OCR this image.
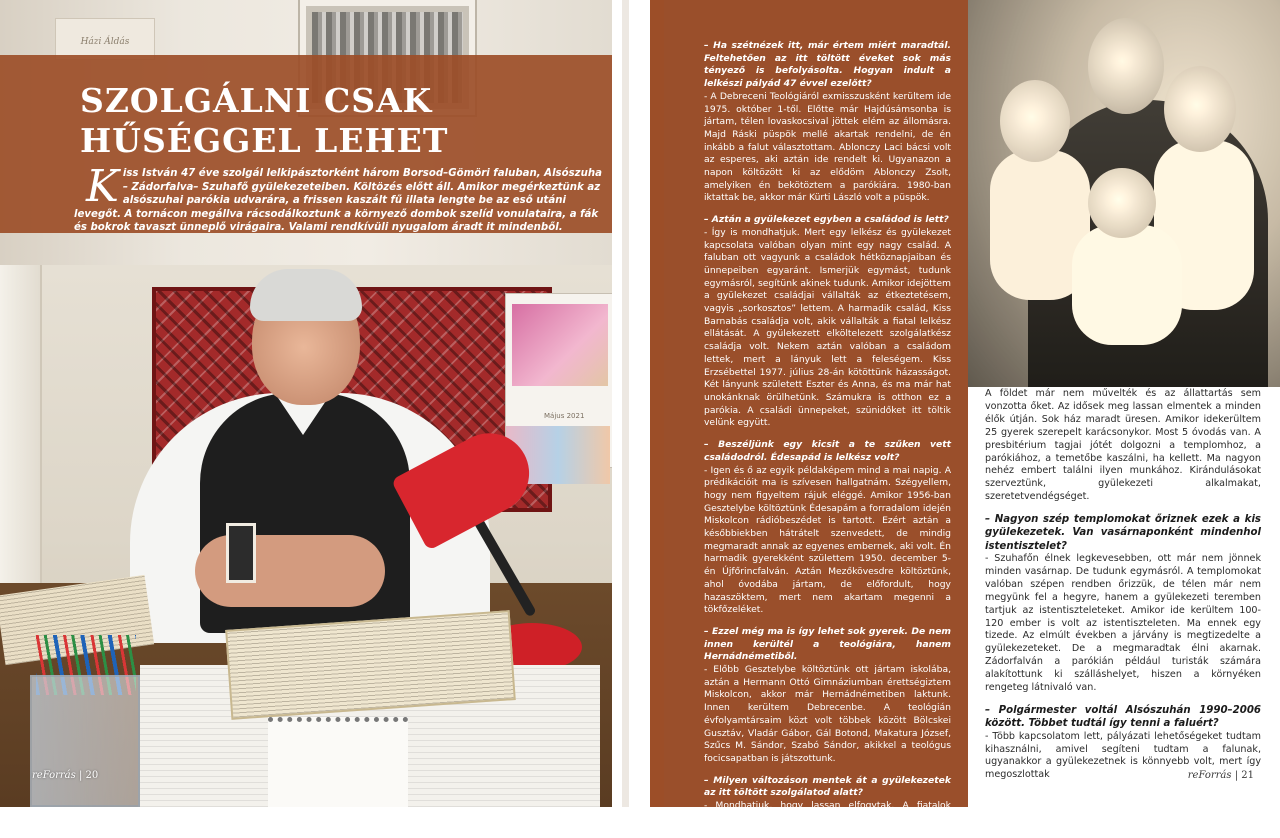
Házi Áldás
Május 2021
SZOLGÁLNI CSAK
HŰSÉGGEL LEHET

Kiss István 47 éve szolgál lelkipásztorként három Borsod–Gömöri faluban, Alsószuha – Zádorfalva– Szuhafő gyülekezeteiben. Költözés előtt áll. Amikor megérkeztünk az alsószuhai parókia udvarára, a frissen kaszált fű illata lengte be az eső utáni levegőt. A tornácon megállva rácsodálkoztunk a környező dombok szelíd vonulataira, a fák és bokrok tavaszt ünneplő virágaira. Valami rendkívüli nyugalom áradt it mindenből.

reForrás | 20

– Ha szétnézek itt, már értem miért maradtál. Feltehetően az itt töltött éveket sok más tényező is befolyásolta. Hogyan indult a lelkészi pályád 47 évvel ezelőtt?

- A Debreceni Teológiáról exmisszusként kerültem ide 1975. október 1-től. Előtte már Hajdúsámsonba is jártam, télen lovaskocsival jöttek elém az állomásra. Majd Ráski püspök mellé akartak rendelni, de én inkább a falut választottam. Ablonczy Laci bácsi volt az esperes, aki aztán ide rendelt ki. Ugyanazon a napon költözött ki az elődöm Ablonczy Zsolt, amelyiken én bekötöztem a parókiára. 1980-ban iktattak be, akkor már Kürti László volt a püspök.

– Aztán a gyülekezet egyben a családod is lett?

- Így is mondhatjuk. Mert egy lelkész és gyülekezet kapcsolata valóban olyan mint egy nagy család. A faluban ott vagyunk a családok hétköznapjaiban és ünnepeiben egyaránt. Ismerjük egymást, tudunk egymásról, segítünk akinek tudunk. Amikor idejöttem a gyülekezet családjai vállalták az étkeztetésem, vagyis „sorkosztos” lettem. A harmadik család, Kiss Barnabás családja volt, akik vállalták a fiatal lelkész ellátását. A gyülekezett elköltelezett szolgálatkész családja volt. Nekem aztán valóban a családom lettek, mert a lányuk lett a feleségem. Kiss Erzsébettel 1977. július 28-án kötöttünk házasságot. Két lányunk született Eszter és Anna, és ma már hat unokánknak örülhetünk. Számukra is otthon ez a parókia. A családi ünnepeket, szünidőket itt töltik velünk együtt.

– Beszéljünk egy kicsit a te szűken vett családodról. Édesapád is lelkész volt?

- Igen és ő az egyik példaképem mind a mai napig. A prédikációit ma is szívesen hallgatnám. Szégyellem, hogy nem figyeltem rájuk eléggé. Amikor 1956-ban Gesztelybe költöztünk Édesapám a forradalom idején Miskolcon rádióbeszédet is tartott. Ezért aztán a későbbiekben hátrátelt szenvedett, de mindig megmaradt annak az egyenes embernek, aki volt. Én harmadik gyerekként születtem 1950. december 5-én Újfőrincfalván. Aztán Mezőkövesdre költöztünk, ahol óvodába jártam, de előfordult, hogy hazaszöktem, mert nem akartam megenni a tökfőzeléket.

– Ezzel még ma is így lehet sok gyerek. De nem innen kerültél a teológiára, hanem Hernádnémetiből.

- Előbb Gesztelybe költöztünk ott jártam iskolába, aztán a Hermann Ottó Gimnáziumban érettségiztem Miskolcon, akkor már Hernádnémetiben laktunk. Innen kerültem Debrecenbe. A teológián évfolyamtársaim közt volt többek között Bölcskei Gusztáv, Vladár Gábor, Gál Botond, Makatura József, Szűcs M. Sándor, Szabó Sándor, akikkel a teológus focicsapatban is játszottunk.

– Milyen változáson mentek át a gyülekezetek az itt töltött szolgálatod alatt?

- Mondhatjuk, hogy lassan elfogytak. A fiatalok elköltöztek, miután megszűntek a munkalehetőségek a bányában.

A földet már nem művelték és az állattartás sem vonzotta őket. Az idősek meg lassan elmentek a minden élők útján. Sok ház maradt üresen. Amikor idekerültem 25 gyerek szerepelt karácsonykor. Most 5 óvodás van. A presbitérium tagjai jótét dolgozni a templomhoz, a parókiához, a temetőbe kaszálni, ha kellett. Ma nagyon nehéz embert találni ilyen munkához. Kirándulásokat szerveztünk, gyülekezeti alkalmakat, szeretetvendégséget.

– Nagyon szép templomokat őriznek ezek a kis gyülekezetek. Van vasárnaponként mindenhol istentisztelet?

- Szuhafőn élnek legkevesebben, ott már nem jönnek minden vasárnap. De tudunk egymásról. A templomokat valóban szépen rendben őrizzük, de télen már nem megyünk fel a hegyre, hanem a gyülekezeti teremben tartjuk az istentiszteleteket. Amikor ide kerültem 100-120 ember is volt az istentiszteleten. Ma ennek egy tizede. Az elmúlt években a járvány is megtizedelte a gyülekezeteket. De a megmaradtak élni akarnak. Zádorfalván a parókián például turisták számára alakítottunk ki szálláshelyet, hiszen a környéken rengeteg látnivaló van.

– Polgármester voltál Alsószuhán 1990–2006 között. Többet tudtál így tenni a faluért?

- Több kapcsolatom lett, pályázati lehetőségeket tudtam kihasználni, amivel segíteni tudtam a falunak, ugyanakkor a gyülekezetnek is könnyebb volt, mert így megoszlottak	reForrás | 21
